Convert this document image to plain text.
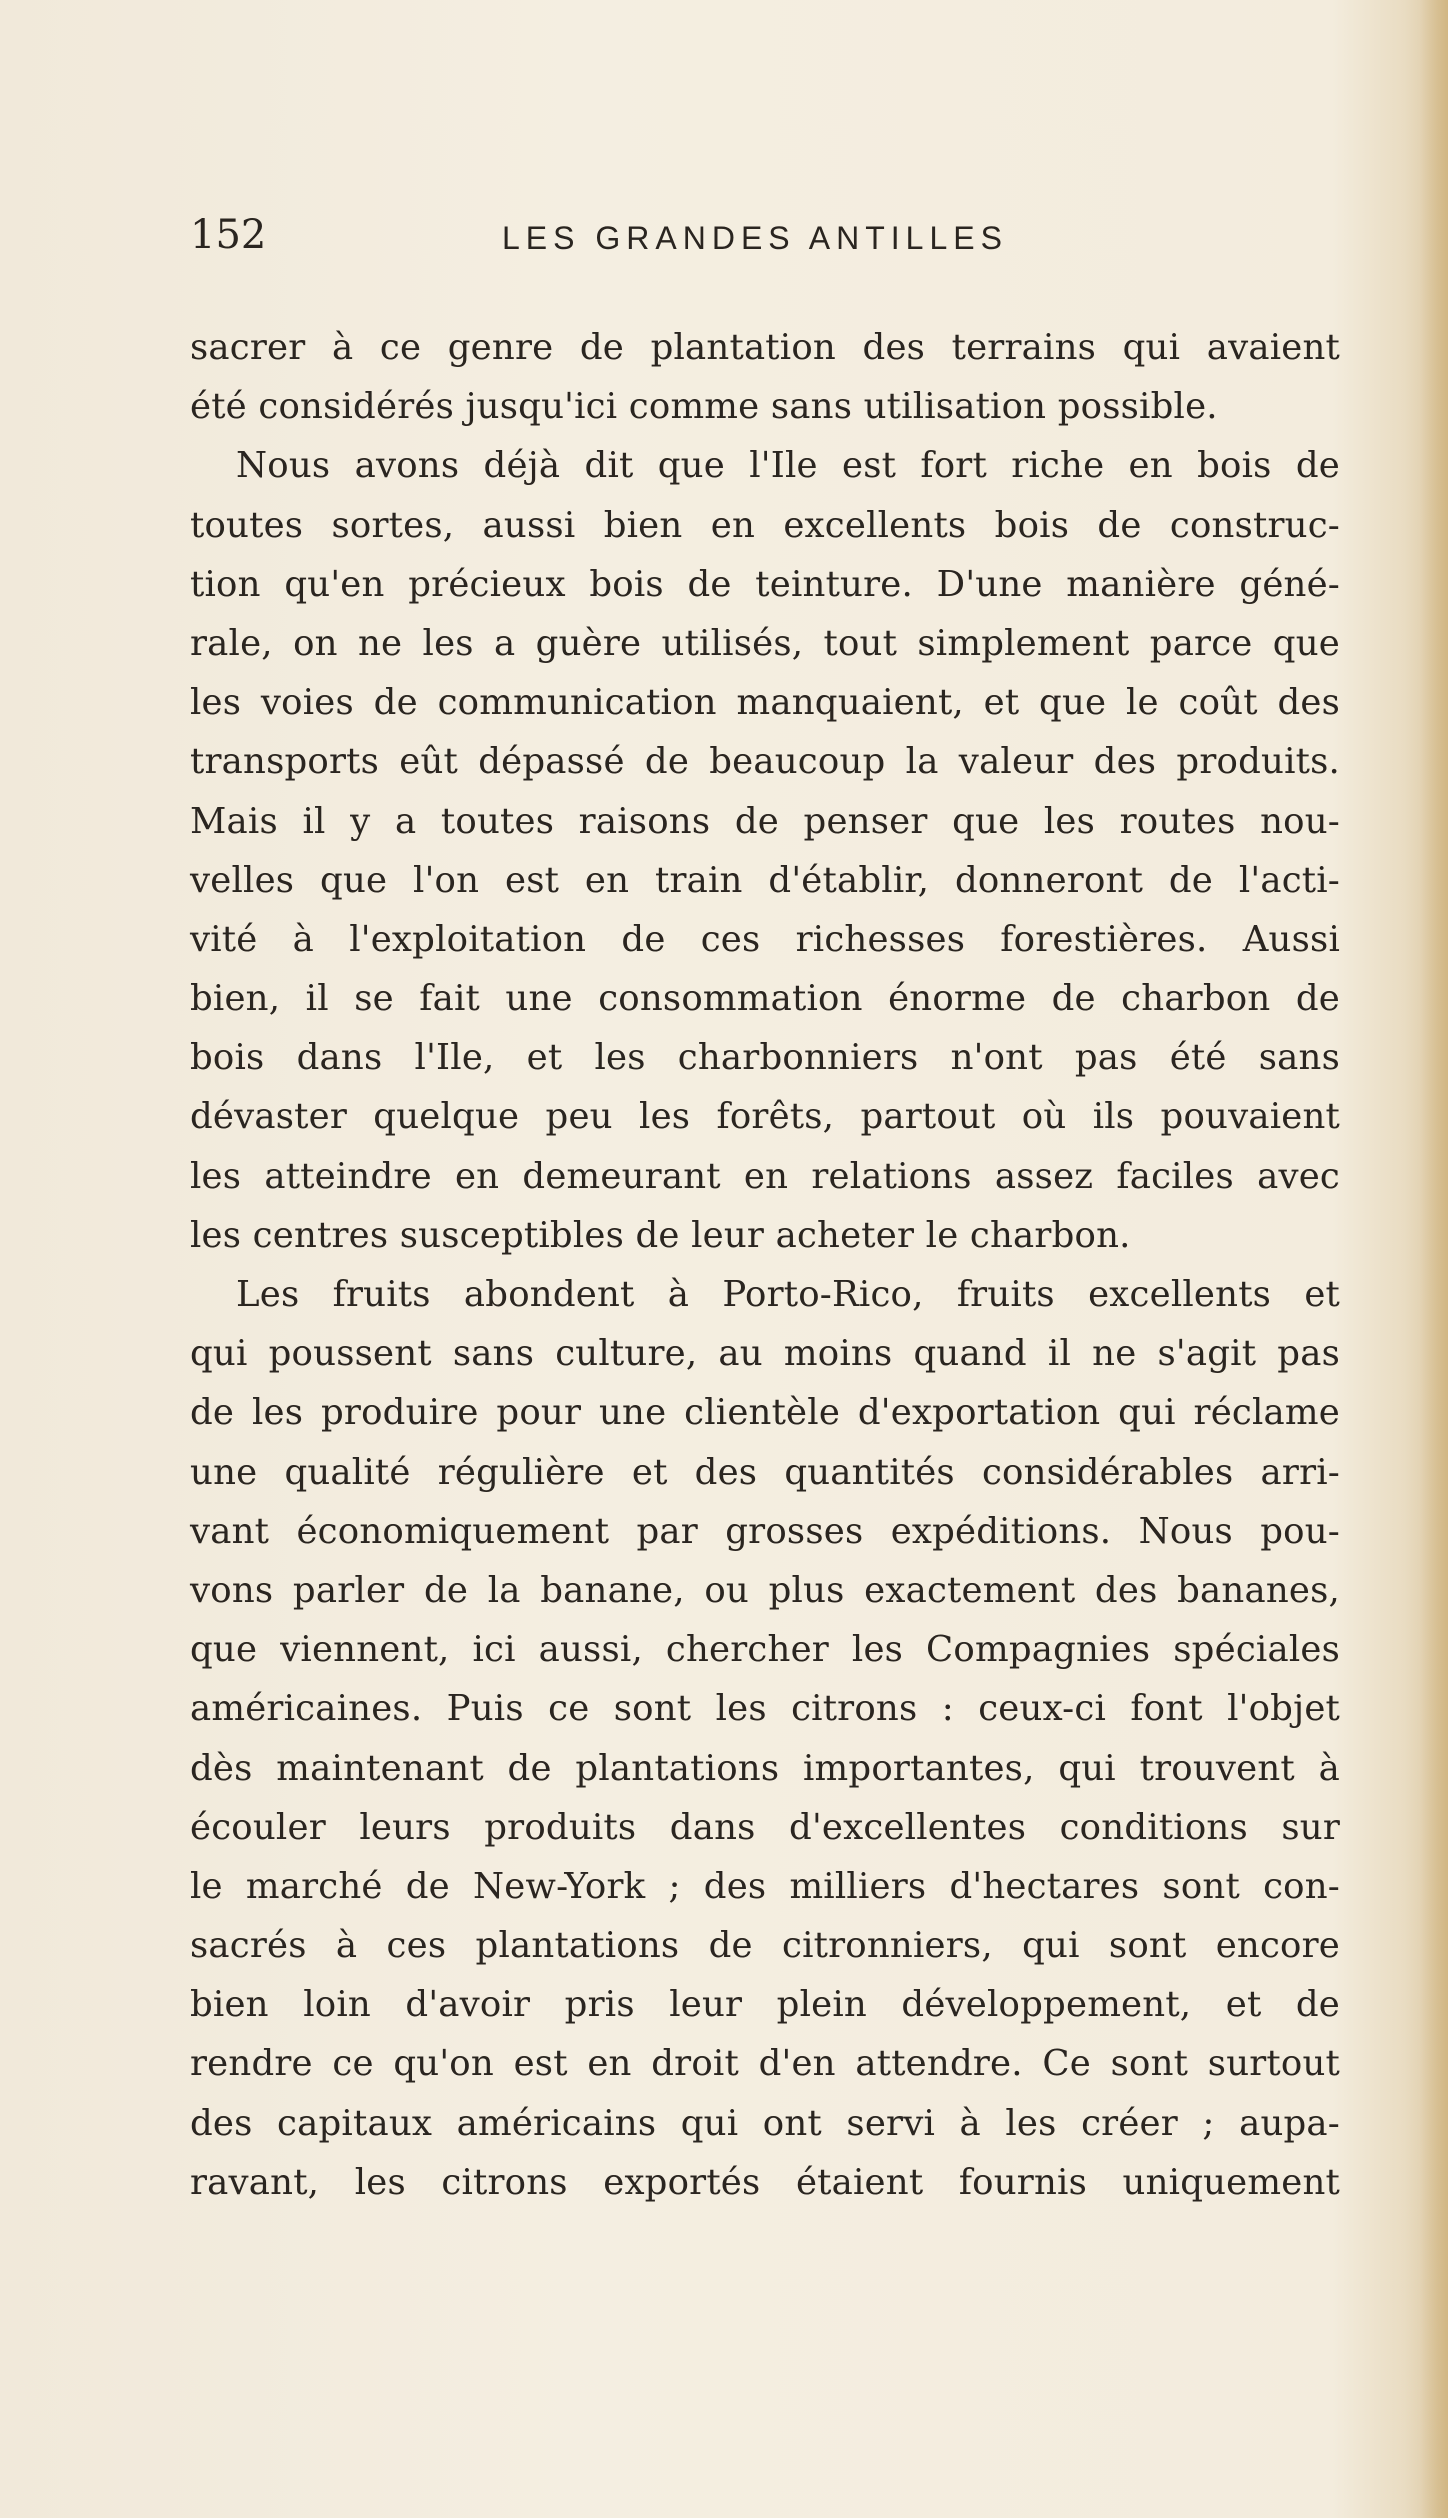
152	LES GRANDES ANTILLES
sacrer à ce genre de plantation des terrains qui avaient
été considérés jusqu'ici comme sans utilisation possible.
Nous avons déjà dit que l'Ile est fort riche en bois de
toutes sortes, aussi bien en excellents bois de construc-
tion qu'en précieux bois de teinture. D'une manière géné-
rale, on ne les a guère utilisés, tout simplement parce que
les voies de communication manquaient, et que le coût des
transports eût dépassé de beaucoup la valeur des produits.
Mais il y a toutes raisons de penser que les routes nou-
velles que l'on est en train d'établir, donneront de l'acti-
vité à l'exploitation de ces richesses forestières. Aussi
bien, il se fait une consommation énorme de charbon de
bois dans l'Ile, et les charbonniers n'ont pas été sans
dévaster quelque peu les forêts, partout où ils pouvaient
les atteindre en demeurant en relations assez faciles avec
les centres susceptibles de leur acheter le charbon.
Les fruits abondent à Porto-Rico, fruits excellents et
qui poussent sans culture, au moins quand il ne s'agit pas
de les produire pour une clientèle d'exportation qui réclame
une qualité régulière et des quantités considérables arri-
vant économiquement par grosses expéditions. Nous pou-
vons parler de la banane, ou plus exactement des bananes,
que viennent, ici aussi, chercher les Compagnies spéciales
américaines. Puis ce sont les citrons : ceux-ci font l'objet
dès maintenant de plantations importantes, qui trouvent à
écouler leurs produits dans d'excellentes conditions sur
le marché de New-York ; des milliers d'hectares sont con-
sacrés à ces plantations de citronniers, qui sont encore
bien loin d'avoir pris leur plein développement, et de
rendre ce qu'on est en droit d'en attendre. Ce sont surtout
des capitaux américains qui ont servi à les créer ; aupa-
ravant, les citrons exportés étaient fournis uniquement
